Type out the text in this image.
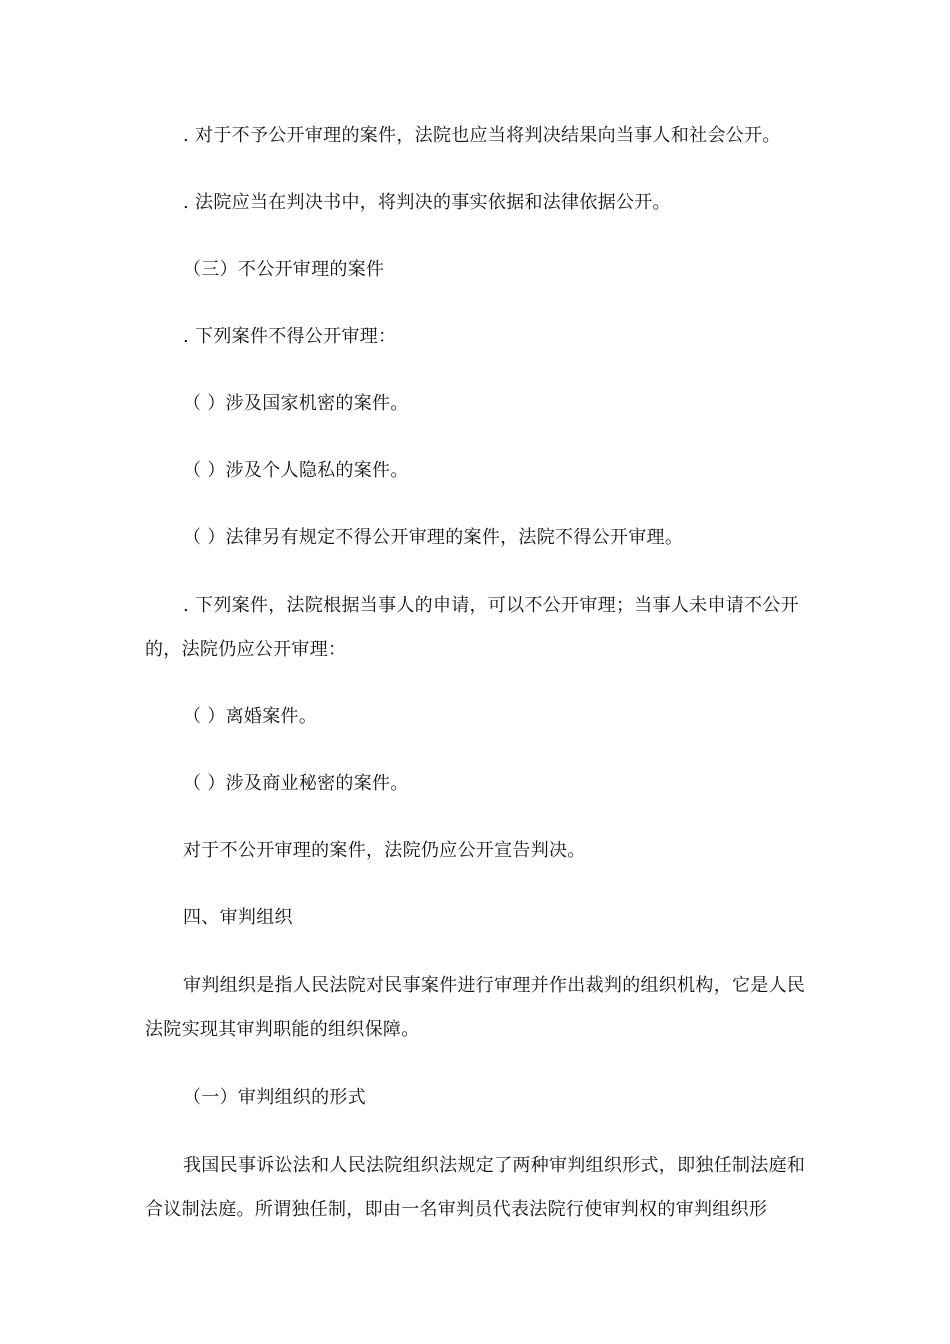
. 对于不予公开审理的案件，法院也应当将判决结果向当事人和社会公开。

. 法院应当在判决书中，将判决的事实依据和法律依据公开。

（三）不公开审理的案件

. 下列案件不得公开审理：

（ ）涉及国家机密的案件。

（ ）涉及个人隐私的案件。

（ ）法律另有规定不得公开审理的案件，法院不得公开审理。

. 下列案件，法院根据当事人的申请，可以不公开审理；当事人未申请不公开的，法院仍应公开审理：

（ ）离婚案件。

（ ）涉及商业秘密的案件。

对于不公开审理的案件，法院仍应公开宣告判决。

四、审判组织

审判组织是指人民法院对民事案件进行审理并作出裁判的组织机构，它是人民法院实现其审判职能的组织保障。

（一）审判组织的形式

我国民事诉讼法和人民法院组织法规定了两种审判组织形式，即独任制法庭和合议制法庭。所谓独任制，即由一名审判员代表法院行使审判权的审判组织形
